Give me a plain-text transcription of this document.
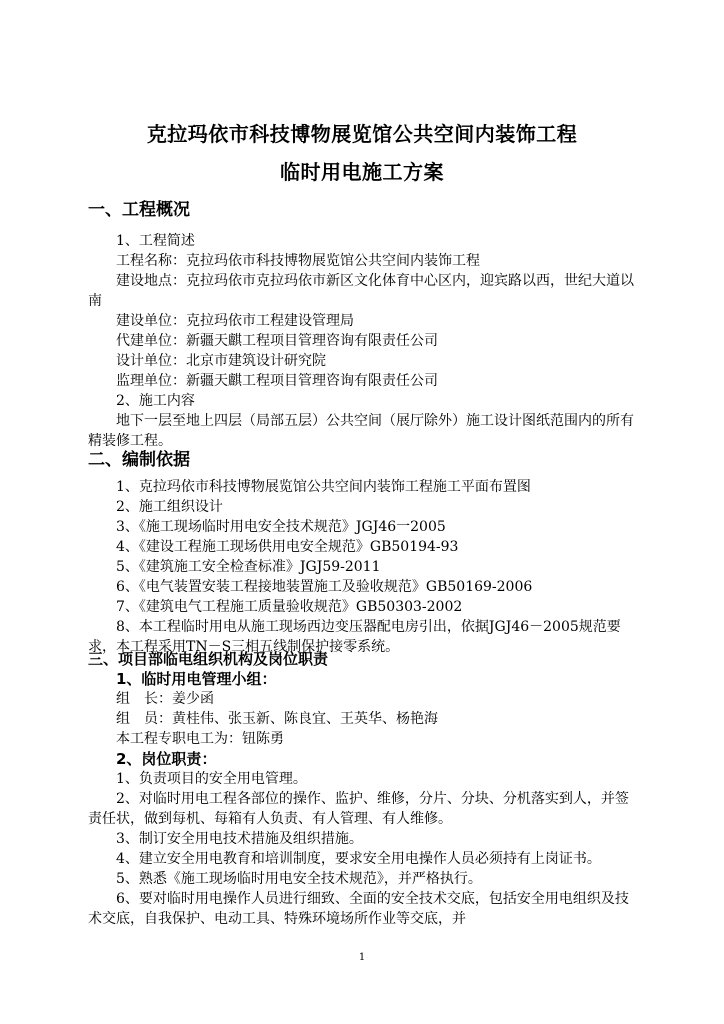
克拉玛依市科技博物展览馆公共空间内装饰工程
临时用电施工方案
一、工程概况

1、工程简述

工程名称：克拉玛依市科技博物展览馆公共空间内装饰工程

建设地点：克拉玛依市克拉玛依市新区文化体育中心区内，迎宾路以西，世纪大道以南

建设单位：克拉玛依市工程建设管理局

代建单位：新疆天麒工程项目管理咨询有限责任公司

设计单位：北京市建筑设计研究院

监理单位：新疆天麒工程项目管理咨询有限责任公司

2、施工内容

地下一层至地上四层（局部五层）公共空间（展厅除外）施工设计图纸范围内的所有精装修工程。

二、编制依据

1、克拉玛依市科技博物展览馆公共空间内装饰工程施工平面布置图

2、施工组织设计

3、《施工现场临时用电安全技术规范》JGJ46一2005

4、《建设工程施工现场供用电安全规范》GB50194-93

5、《建筑施工安全检查标准》JGJ59-2011

6、《电气装置安装工程接地装置施工及验收规范》GB50169-2006

7、《建筑电气工程施工质量验收规范》GB50303-2002

8、本工程临时用电从施工现场西边变压器配电房引出，依据JGJ46－2005规范要求，本工程采用TN－S三相五线制保护接零系统。

三、项目部临电组织机构及岗位职责

1、临时用电管理小组：

组　长：姜少函

组　员：黄桂伟、张玉新、陈良宜、王英华、杨艳海

本工程专职电工为：钮陈勇

2、岗位职责：

1、负责项目的安全用电管理。

2、对临时用电工程各部位的操作、监护、维修，分片、分块、分机落实到人，并签责任状，做到每机、每箱有人负责、有人管理、有人维修。

3、制订安全用电技术措施及组织措施。

4、建立安全用电教育和培训制度，要求安全用电操作人员必须持有上岗证书。

5、熟悉《施工现场临时用电安全技术规范》，并严格执行。

6、要对临时用电操作人员进行细致、全面的安全技术交底，包括安全用电组织及技术交底，自我保护、电动工具、特殊环境场所作业等交底，并

1
